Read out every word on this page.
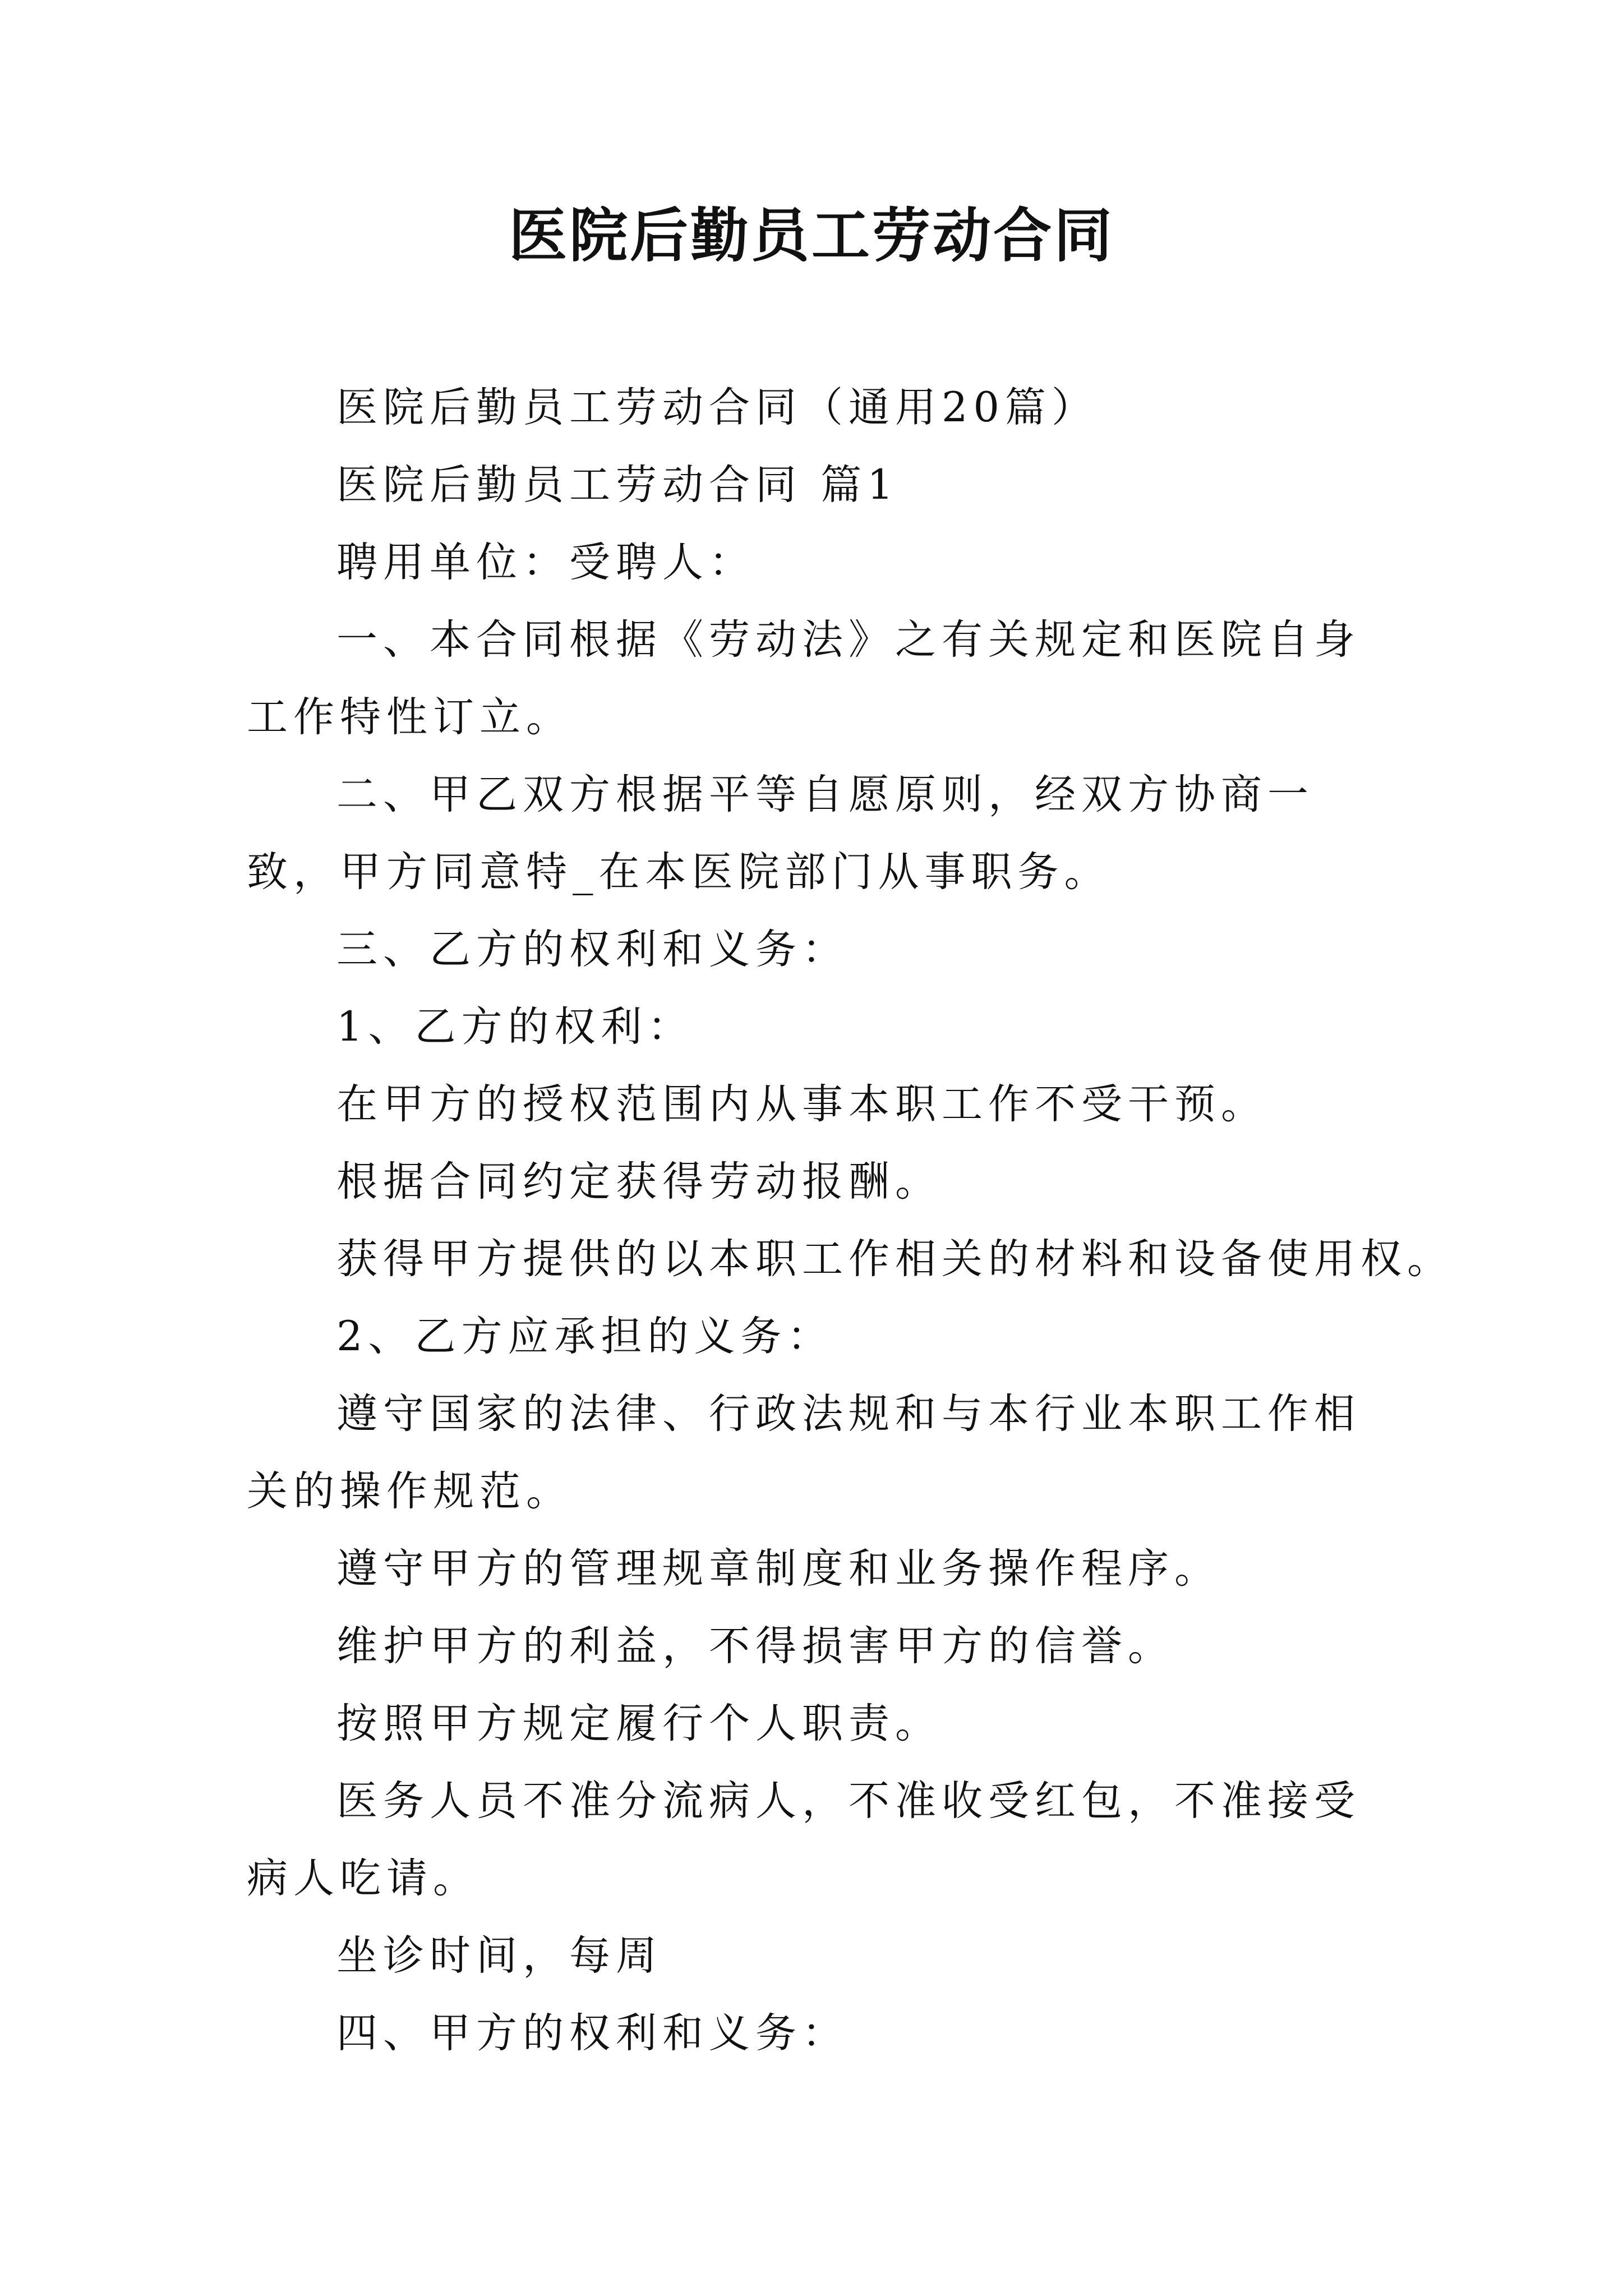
医院后勤员工劳动合同

医院后勤员工劳动合同（通用20篇）

医院后勤员工劳动合同 篇1

聘用单位：受聘人：

一、本合同根据《劳动法》之有关规定和医院自身工作特性订立。

二、甲乙双方根据平等自愿原则，经双方协商一致，甲方同意特_在本医院部门从事职务。

三、乙方的权利和义务：

1、乙方的权利：

在甲方的授权范围内从事本职工作不受干预。

根据合同约定获得劳动报酬。

获得甲方提供的以本职工作相关的材料和设备使用权。

2、乙方应承担的义务：

遵守国家的法律、行政法规和与本行业本职工作相关的操作规范。

遵守甲方的管理规章制度和业务操作程序。

维护甲方的利益，不得损害甲方的信誉。

按照甲方规定履行个人职责。

医务人员不准分流病人，不准收受红包，不准接受病人吃请。

坐诊时间，每周

四、甲方的权利和义务：
